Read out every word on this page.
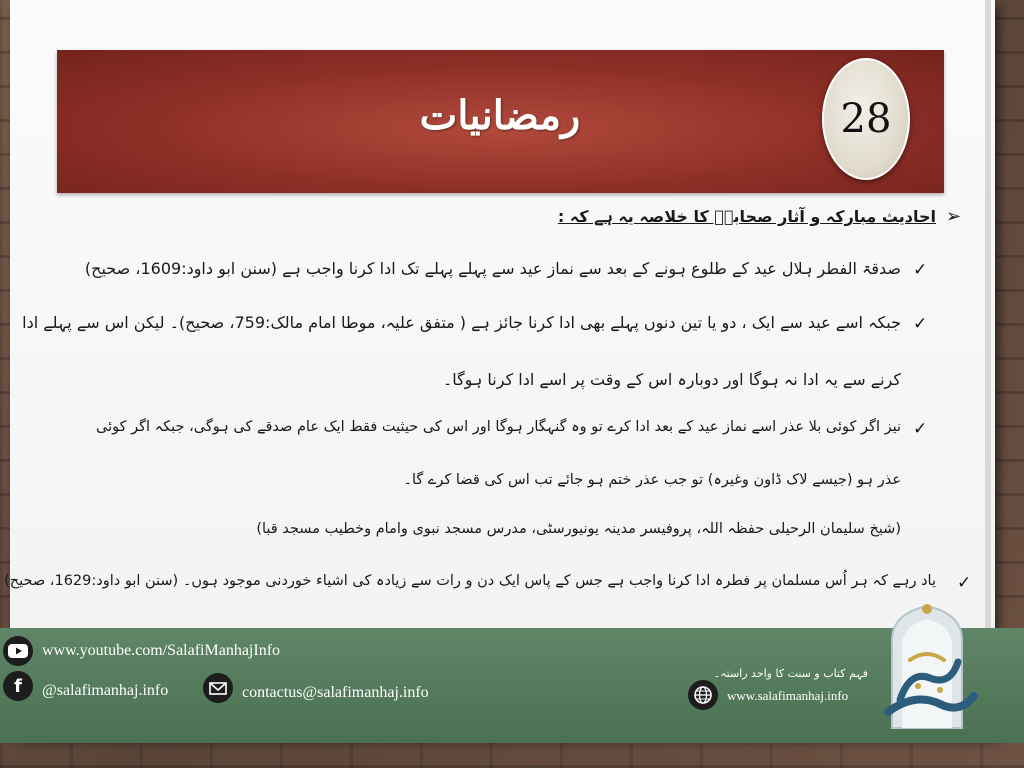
رمضانیات	28
➢
احادیث مبارکہ و آثار صحابہؓ کا خلاصہ یہ ہے کہ :
✓
صدقۃ الفطر ہلال عید کے طلوع ہونے کے بعد سے نماز عید سے پہلے پہلے تک ادا کرنا واجب ہے (سنن ابو داود:1609، صحیح)
✓
جبکہ اسے عید سے ایک ، دو یا تین دنوں پہلے بھی ادا کرنا جائز ہے ( متفق علیہ، موطا امام مالک:759، صحیح)۔ لیکن اس سے پہلے ادا
کرنے سے یہ ادا نہ ہوگا اور دوبارہ اس کے وقت پر اسے ادا کرنا ہوگا۔
✓
نیز اگر کوئی بلا عذر اسے نماز عید کے بعد ادا کرے تو وہ گنہگار ہوگا اور اس کی حیثیت فقط ایک عام صدقے کی ہوگی، جبکہ اگر کوئی
عذر ہو (جیسے لاک ڈاون وغیرہ) تو جب عذر ختم ہو جائے تب اس کی قضا کرے گا۔
(شیخ سلیمان الرحیلی حفظہ اللہ، پروفیسر مدینہ یونیورسٹی، مدرس مسجد نبوی وامام وخطیب مسجد قبا)
✓
یاد رہے کہ ہر اُس مسلمان پر فطرہ ادا کرنا واجب ہے جس کے پاس ایک دن و رات سے زیادہ کی اشیاء خوردنی موجود ہوں۔ (سنن ابو داود:1629، صحیح)
www.youtube.com/SalafiManhajInfo
f	@salafimanhaj.info	contactus@salafimanhaj.info
فہم کتاب و سنت کا واحد راستہ۔
www.salafimanhaj.info
